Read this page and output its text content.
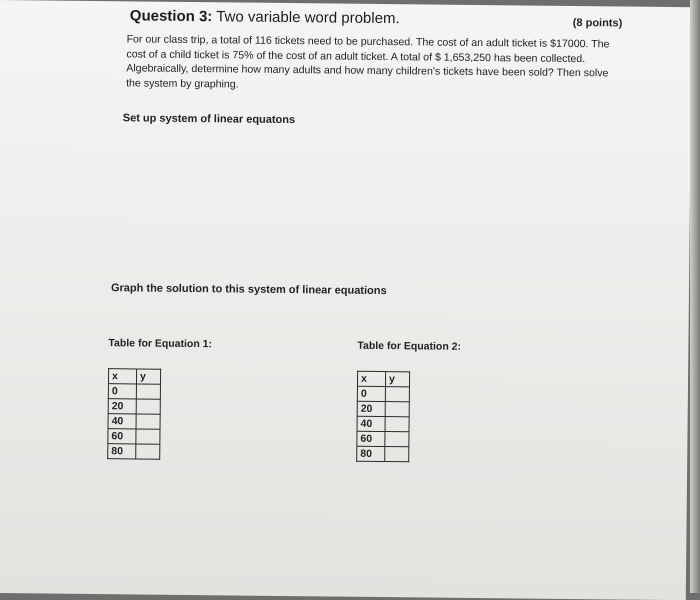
Question 3: Two variable word problem.	(8 points)

For our class trip, a total of 116 tickets need to be purchased. The cost of an adult ticket is $17000. The

cost of a child ticket is 75% of the cost of an adult ticket. A total of $ 1,653,250 has been collected.

Algebraically, determine how many adults and how many children's tickets have been sold? Then solve

the system by graphing.

Set up system of linear equatons
Graph the solution to this system of linear equations
Table for Equation 1:
x	y
0	
20	
40	
60	
80	
Table for Equation 2:
x	y
0	
20	
40	
60	
80	
